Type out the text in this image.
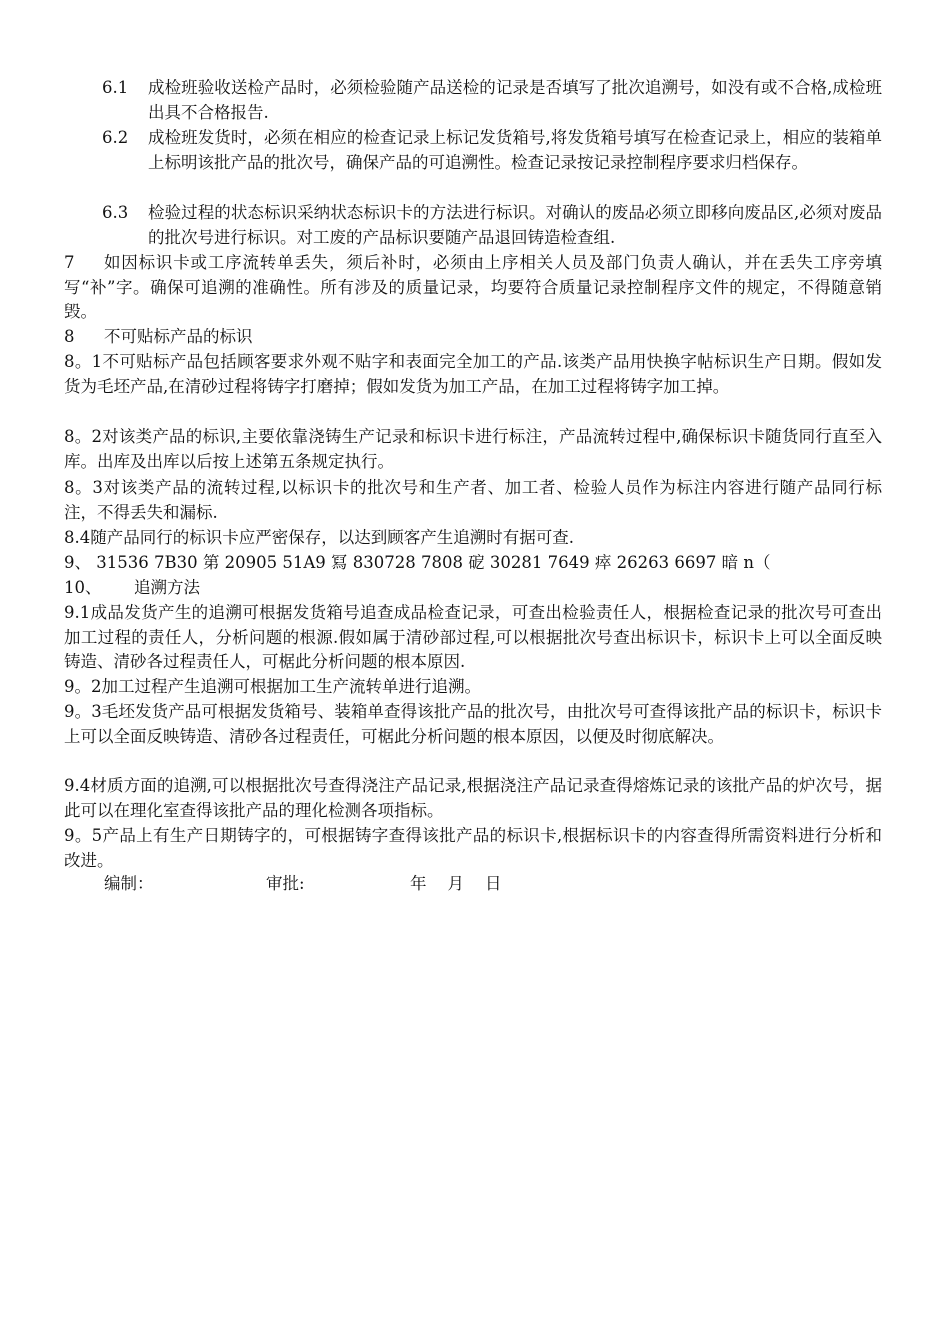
6.1	成检班验收送检产品时，必须检验随产品送检的记录是否填写了批次追溯号，如没有或不合格,成检班出具不合格报告.
6.2	成检班发货时，必须在相应的检查记录上标记发货箱号,将发货箱号填写在检查记录上，相应的装箱单上标明该批产品的批次号，确保产品的可追溯性。检查记录按记录控制程序要求归档保存。
6.3	检验过程的状态标识采纳状态标识卡的方法进行标识。对确认的废品必须立即移向废品区,必须对废品的批次号进行标识。对工废的产品标识要随产品退回铸造检查组.
7	如因标识卡或工序流转单丢失，须后补时，必须由上序相关人员及部门负责人确认，并在丢失工序旁填写“补”字。确保可追溯的准确性。所有涉及的质量记录，均要符合质量记录控制程序文件的规定，不得随意销毁。
8	不可贴标产品的标识
8。1不可贴标产品包括顾客要求外观不贴字和表面完全加工的产品.该类产品用快换字帖标识生产日期。假如发货为毛坯产品,在清砂过程将铸字打磨掉；假如发货为加工产品，在加工过程将铸字加工掉。
8。2对该类产品的标识,主要依靠浇铸生产记录和标识卡进行标注，产品流转过程中,确保标识卡随货同行直至入库。出库及出库以后按上述第五条规定执行。
8。3对该类产品的流转过程,以标识卡的批次号和生产者、加工者、检验人员作为标注内容进行随产品同行标注，不得丢失和漏标.
8.4随产品同行的标识卡应严密保存，以达到顾客产生追溯时有据可查.
9、 31536 7B30 第 20905 51A9 冩 830728 7808 砨 30281 7649 瘁 26263 6697 暗 n（
10、	追溯方法
9.1成品发货产生的追溯可根据发货箱号追查成品检查记录，可查出检验责任人，根据检查记录的批次号可查出加工过程的责任人，分析问题的根源.假如属于清砂部过程,可以根据批次号查出标识卡，标识卡上可以全面反映铸造、清砂各过程责任人，可椐此分析问题的根本原因.
9。2加工过程产生追溯可根据加工生产流转单进行追溯。
9。3毛坯发货产品可根据发货箱号、装箱单查得该批产品的批次号，由批次号可查得该批产品的标识卡，标识卡上可以全面反映铸造、清砂各过程责任，可椐此分析问题的根本原因，以便及时彻底解决。
9.4材质方面的追溯,可以根据批次号查得浇注产品记录,根据浇注产品记录查得熔炼记录的该批产品的炉次号，据此可以在理化室查得该批产品的理化检测各项指标。
9。5产品上有生产日期铸字的，可根据铸字查得该批产品的标识卡,根据标识卡的内容查得所需资料进行分析和改进。
编制：	审批:	年    月    日
